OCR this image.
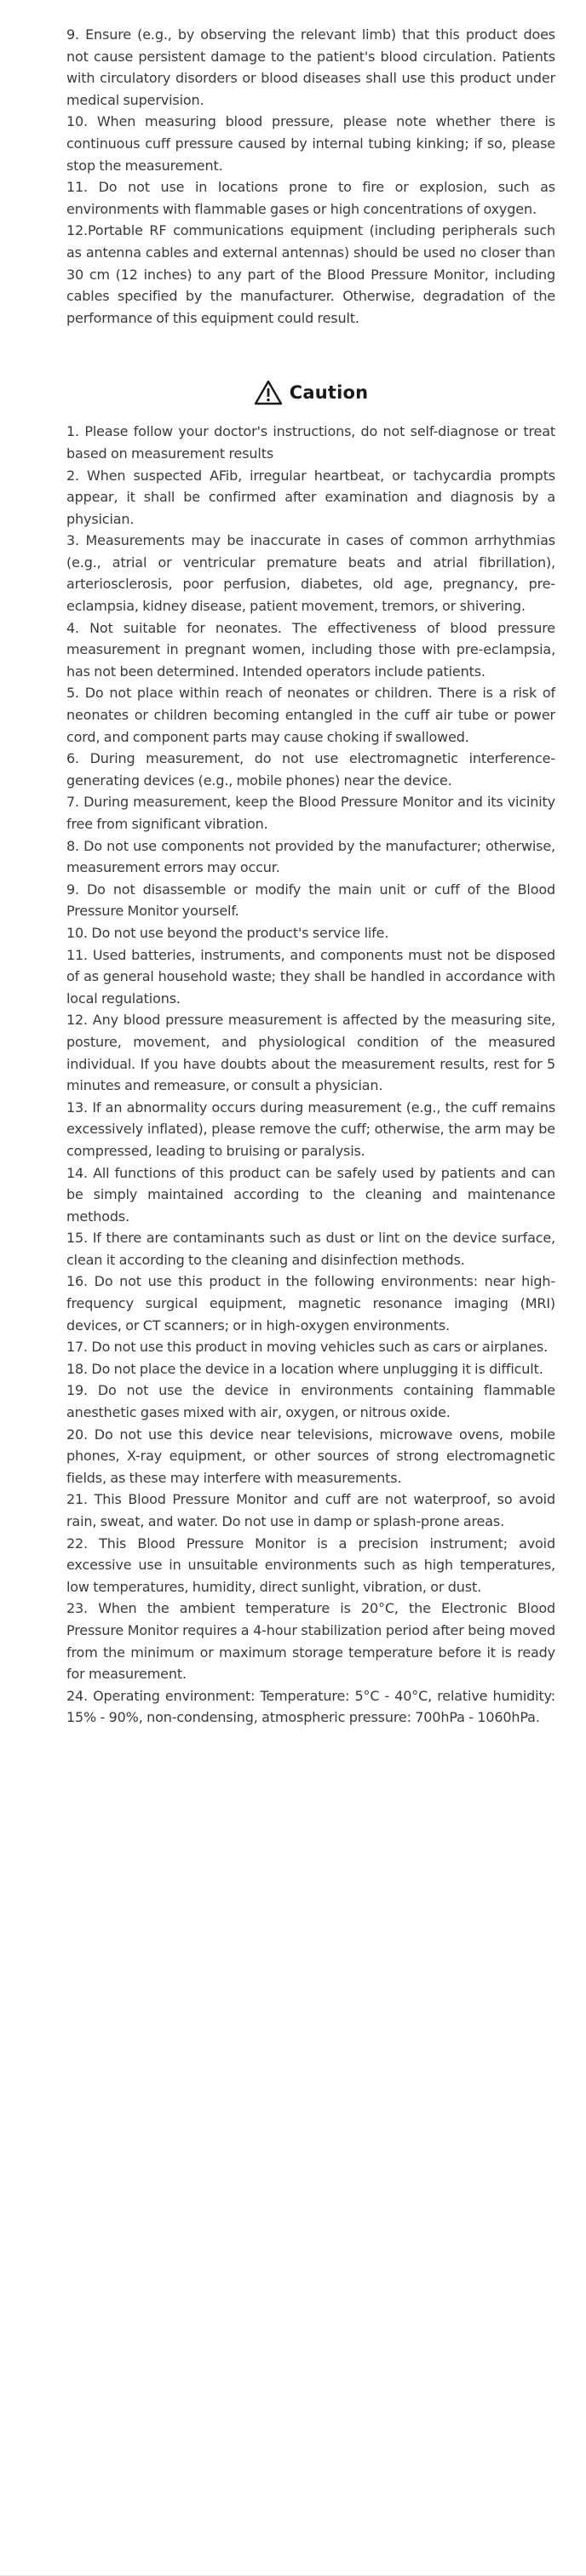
9. Ensure (e.g., by observing the relevant limb) that this product does not cause persistent damage to the patient's blood circulation. Patients with circulatory disorders or blood diseases shall use this product under medical supervision.

10. When measuring blood pressure, please note whether there is continuous cuff pressure caused by internal tubing kinking; if so, please stop the measurement.

11. Do not use in locations prone to fire or explosion, such as environments with flammable gases or high concentrations of oxygen.

12.Portable RF communications equipment (including peripherals such as antenna cables and external antennas) should be used no closer than 30 cm (12 inches) to any part of the Blood Pressure Monitor, including cables specified by the manufacturer. Otherwise, degradation of the performance of this equipment could result.

Caution

1. Please follow your doctor's instructions, do not self-diagnose or treat based on measurement results

2. When suspected AFib, irregular heartbeat, or tachycardia prompts appear, it shall be confirmed after examination and diagnosis by a physician.

3. Measurements may be inaccurate in cases of common arrhythmias (e.g., atrial or ventricular premature beats and atrial fibrillation), arteriosclerosis, poor perfusion, diabetes, old age, pregnancy, pre-eclampsia, kidney disease, patient movement, tremors, or shivering.

4. Not suitable for neonates. The effectiveness of blood pressure measurement in pregnant women, including those with pre-eclampsia, has not been determined. Intended operators include patients.

5. Do not place within reach of neonates or children. There is a risk of neonates or children becoming entangled in the cuff air tube or power cord, and component parts may cause choking if swallowed.

6. During measurement, do not use electromagnetic interference-generating devices (e.g., mobile phones) near the device.

7. During measurement, keep the Blood Pressure Monitor and its vicinity free from significant vibration.

8. Do not use components not provided by the manufacturer; otherwise, measurement errors may occur.

9. Do not disassemble or modify the main unit or cuff of the Blood Pressure Monitor yourself.

10. Do not use beyond the product's service life.

11. Used batteries, instruments, and components must not be disposed of as general household waste; they shall be handled in accordance with local regulations.

12. Any blood pressure measurement is affected by the measuring site, posture, movement, and physiological condition of the measured individual. If you have doubts about the measurement results, rest for 5 minutes and remeasure, or consult a physician.

13. If an abnormality occurs during measurement (e.g., the cuff remains excessively inflated), please remove the cuff; otherwise, the arm may be compressed, leading to bruising or paralysis.

14. All functions of this product can be safely used by patients and can be simply maintained according to the cleaning and maintenance methods.

15. If there are contaminants such as dust or lint on the device surface, clean it according to the cleaning and disinfection methods.

16. Do not use this product in the following environments: near high-frequency surgical equipment, magnetic resonance imaging (MRI) devices, or CT scanners; or in high-oxygen environments.

17. Do not use this product in moving vehicles such as cars or airplanes.

18. Do not place the device in a location where unplugging it is difficult.

19. Do not use the device in environments containing flammable anesthetic gases mixed with air, oxygen, or nitrous oxide.

20. Do not use this device near televisions, microwave ovens, mobile phones, X-ray equipment, or other sources of strong electromagnetic fields, as these may interfere with measurements.

21. This Blood Pressure Monitor and cuff are not waterproof, so avoid rain, sweat, and water. Do not use in damp or splash-prone areas.

22. This Blood Pressure Monitor is a precision instrument; avoid excessive use in unsuitable environments such as high temperatures, low temperatures, humidity, direct sunlight, vibration, or dust.

23. When the ambient temperature is 20°C, the Electronic Blood Pressure Monitor requires a 4-hour stabilization period after being moved from the minimum or maximum storage temperature before it is ready for measurement.

24. Operating environment: Temperature: 5°C - 40°C, relative humidity: 15% - 90%, non-condensing, atmospheric pressure: 700hPa - 1060hPa.
